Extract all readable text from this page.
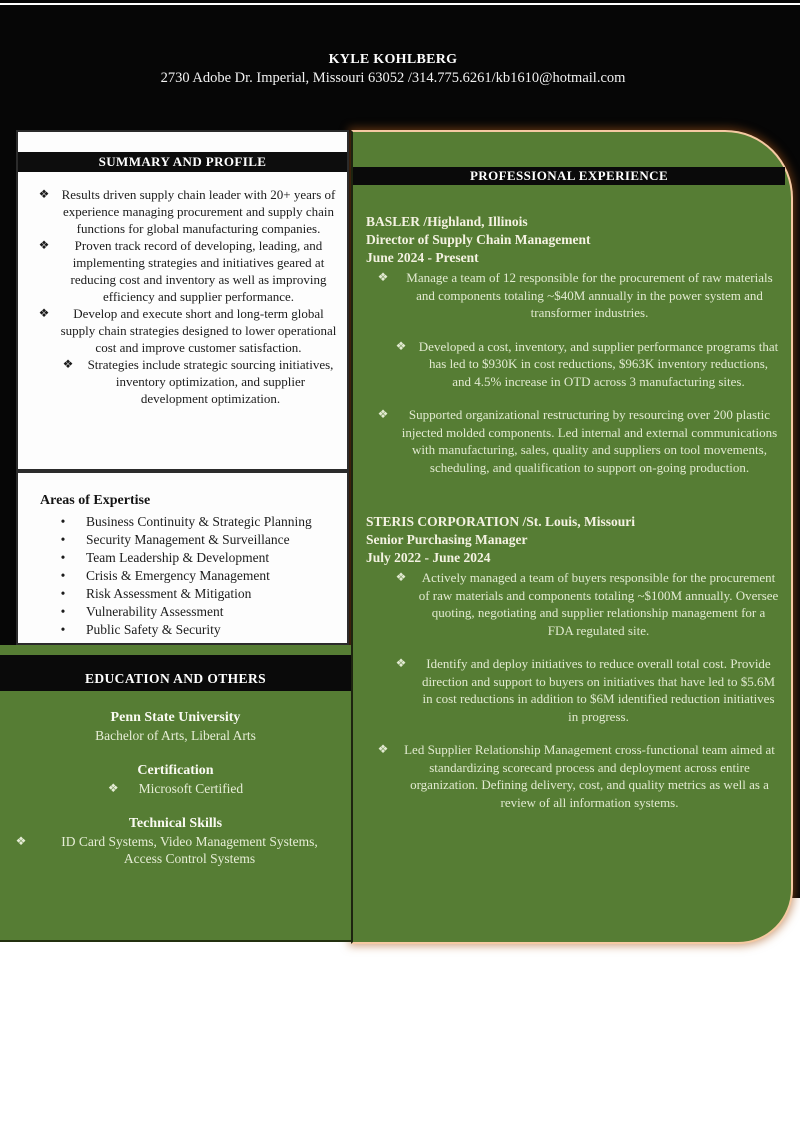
KYLE KOHLBERG
2730 Adobe Dr. Imperial, Missouri 63052 /314.775.6261/kb1610@hotmail.com
PROFESSIONAL EXPERIENCE
BASLER /Highland, Illinois
Director of Supply Chain Management
June 2024 - Present
❖	Manage a team of 12 responsible for the procurement of raw materials and components totaling ~$40M annually in the power system and transformer industries.
❖ Developed a cost, inventory, and supplier performance programs that has led to $930K in cost reductions, $963K inventory reductions, and 4.5% increase in OTD across 3 manufacturing sites.
❖	Supported organizational restructuring by resourcing over 200 plastic injected molded components. Led internal and external communications with manufacturing, sales, quality and suppliers on tool movements, scheduling, and qualification to support on-going production.
STERIS CORPORATION /St. Louis, Missouri
Senior Purchasing Manager
July 2022 - June 2024
❖	Actively managed a team of buyers responsible for the procurement of raw materials and components totaling ~$100M annually. Oversee quoting, negotiating and supplier relationship management for a FDA regulated site.
❖	Identify and deploy initiatives to reduce overall total cost. Provide direction and support to buyers on initiatives that have led to $5.6M in cost reductions in addition to $6M identified reduction initiatives in progress.
❖	Led Supplier Relationship Management cross-functional team aimed at standardizing scorecard process and deployment across entire organization. Defining delivery, cost, and quality metrics as well as a review of all information systems.
SUMMARY AND PROFILE
❖ Results driven supply chain leader with 20+ years of experience managing procurement and supply chain functions for global manufacturing companies.
❖	Proven track record of developing, leading, and implementing strategies and initiatives geared at reducing cost and inventory as well as improving efficiency and supplier performance.
❖	Develop and execute short and long-term global supply chain strategies designed to lower operational cost and improve customer satisfaction.
❖	Strategies include strategic sourcing initiatives, inventory optimization, and supplier development optimization.
Areas of Expertise
•	Business Continuity & Strategic Planning
•	Security Management & Surveillance
•	Team Leadership & Development
•	Crisis & Emergency Management
•	Risk Assessment & Mitigation
•	Vulnerability Assessment
•	Public Safety & Security
EDUCATION AND OTHERS
Penn State University
Bachelor of Arts, Liberal Arts
Certification
❖ Microsoft Certified
Technical Skills
❖	ID Card Systems, Video Management Systems, Access Control Systems
